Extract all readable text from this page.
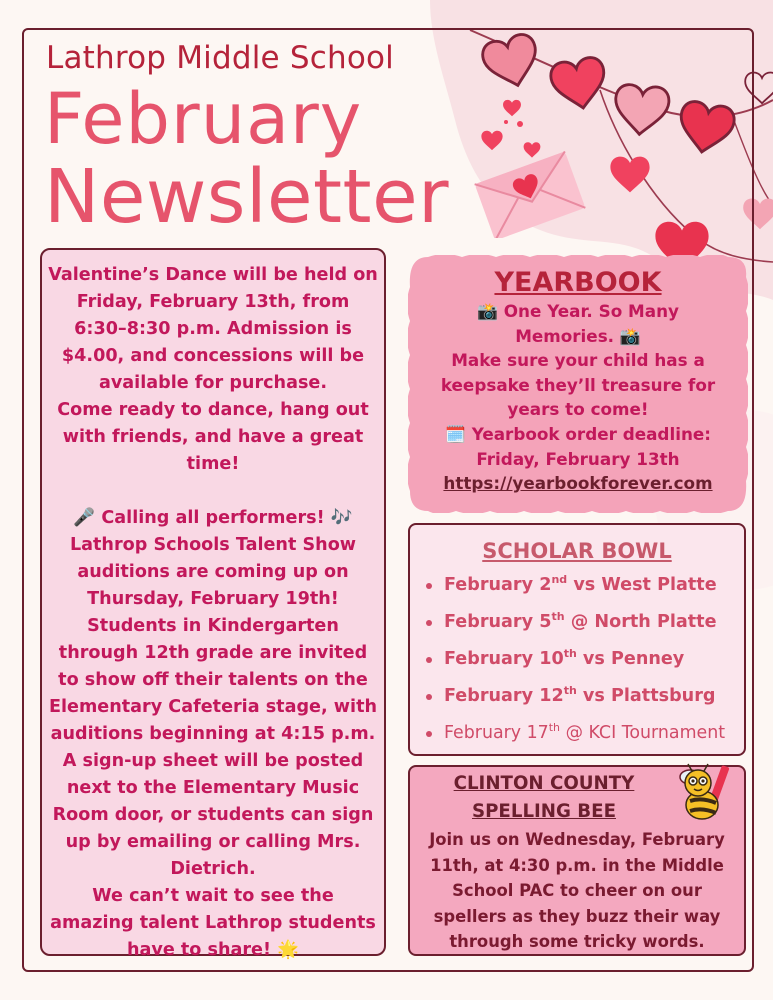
Lathrop Middle School
February
Newsletter

Valentine’s Dance will be held on Friday, February 13th, from 6:30–8:30 p.m. Admission is $4.00, and concessions will be available for purchase.

Come ready to dance, hang out with friends, and have a great time!

🎤 Calling all performers! 🎶

Lathrop Schools Talent Show auditions are coming up on Thursday, February 19th! Students in Kindergarten through 12th grade are invited to show off their talents on the Elementary Cafeteria stage, with auditions beginning at 4:15 p.m.

A sign-up sheet will be posted next to the Elementary Music Room door, or students can sign up by emailing or calling Mrs. Dietrich.

We can’t wait to see the amazing talent Lathrop students have to share! 🌟

YEARBOOK
📸 One Year. So Many Memories. 📸
Make sure your child has a keepsake they’ll treasure for years to come!
🗓️ Yearbook order deadline: Friday, February 13th
https://yearbookforever.com
SCHOLAR BOWL
February 2nd vs West Platte
February 5th @ North Platte
February 10th vs Penney
February 12th vs Plattsburg
February 17th @ KCI Tournament
CLINTON COUNTY
SPELLING BEE
Join us on Wednesday, February 11th, at 4:30 p.m. in the Middle School PAC to cheer on our spellers as they buzz their way through some tricky words.
